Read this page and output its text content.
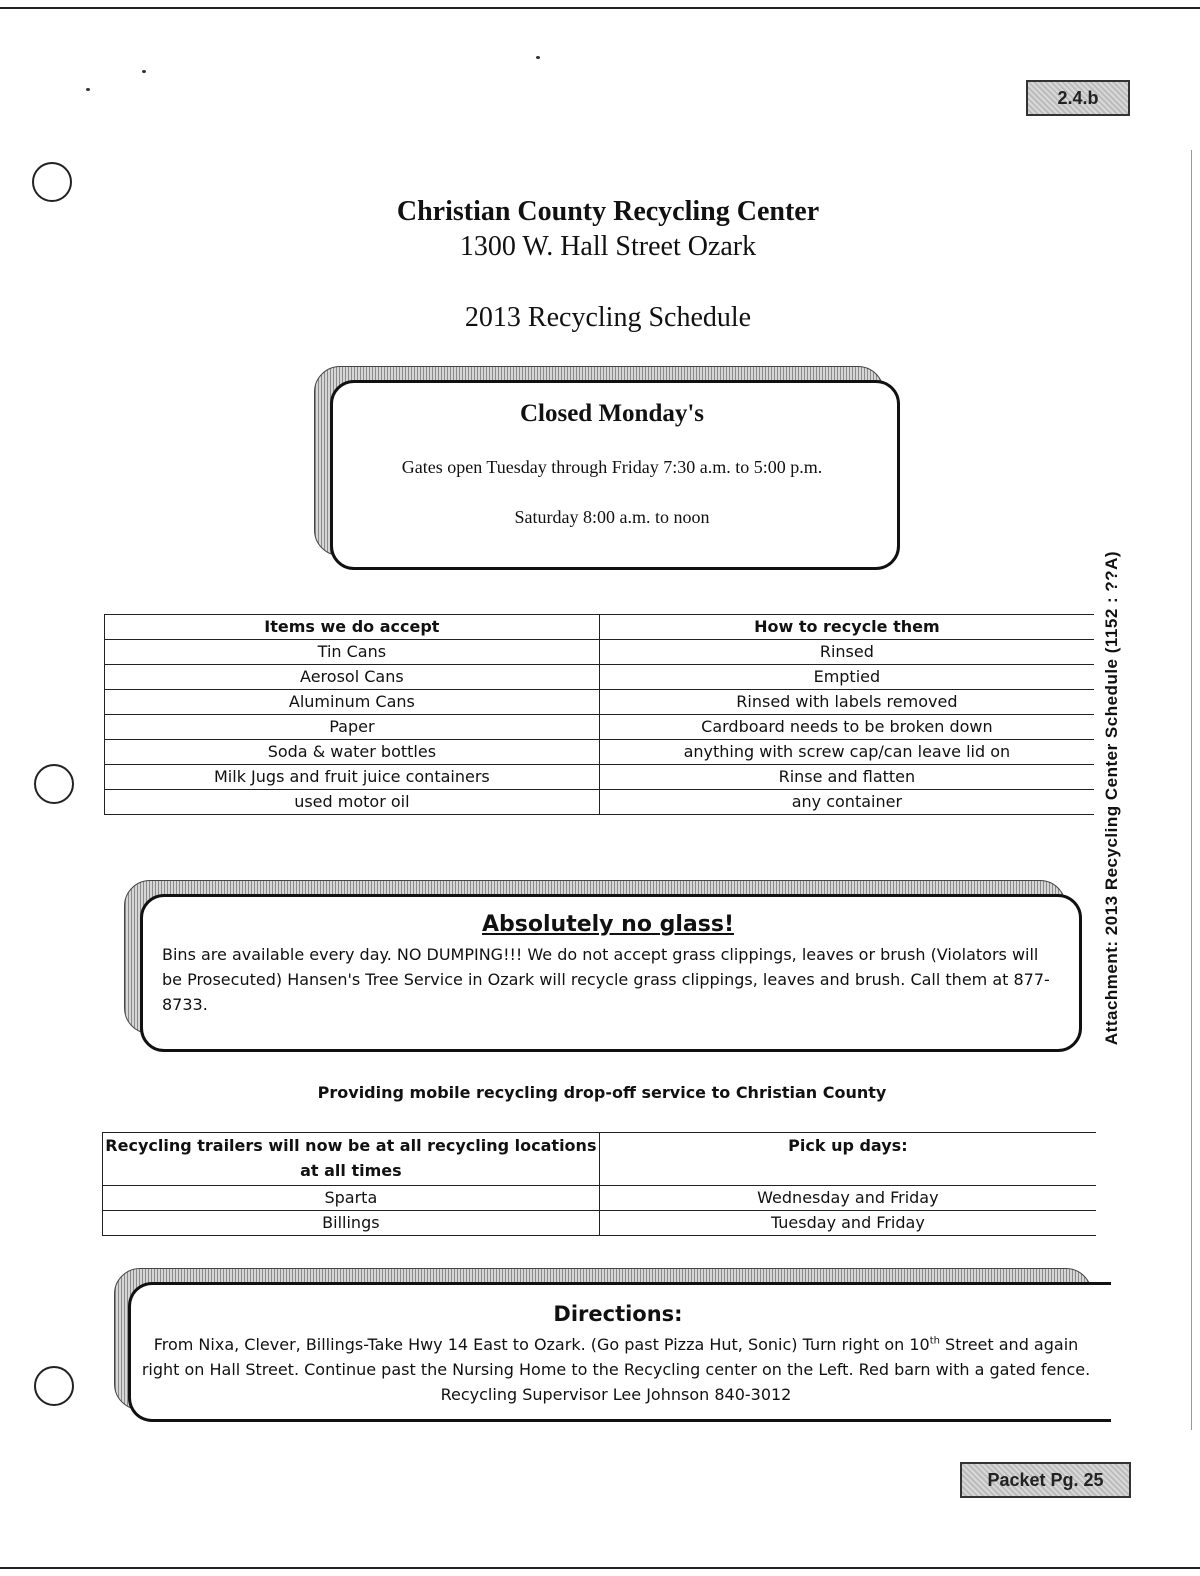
2.4.b
Packet Pg. 25
Christian County Recycling Center
1300 W. Hall Street Ozark
2013 Recycling Schedule
Attachment: 2013 Recycling Center Schedule (1152 : ??A)
Closed Monday's
Gates open Tuesday through Friday 7:30 a.m. to 5:00 p.m.
Saturday 8:00 a.m. to noon
Items we do accept	How to recycle them
Tin Cans	Rinsed
Aerosol Cans	Emptied
Aluminum Cans	Rinsed with labels removed
Paper	Cardboard needs to be broken down
Soda & water bottles	anything with screw cap/can leave lid on
Milk Jugs and fruit juice containers	Rinse and flatten
used motor oil	any container
Absolutely no glass!
Bins are available every day. NO DUMPING!!! We do not accept grass clippings, leaves or brush (Violators will be Prosecuted) Hansen's Tree Service in Ozark will recycle grass clippings, leaves and brush. Call them at 877-8733.
Providing mobile recycling drop-off service to Christian County
Recycling trailers will now be at all recycling locations at all times	Pick up days:
Sparta	Wednesday and Friday
Billings	Tuesday and Friday
Directions:
From Nixa, Clever, Billings-Take Hwy 14 East to Ozark. (Go past Pizza Hut, Sonic) Turn right on 10th Street and again right on Hall Street. Continue past the Nursing Home to the Recycling center on the Left. Red barn with a gated fence. Recycling Supervisor Lee Johnson 840-3012
